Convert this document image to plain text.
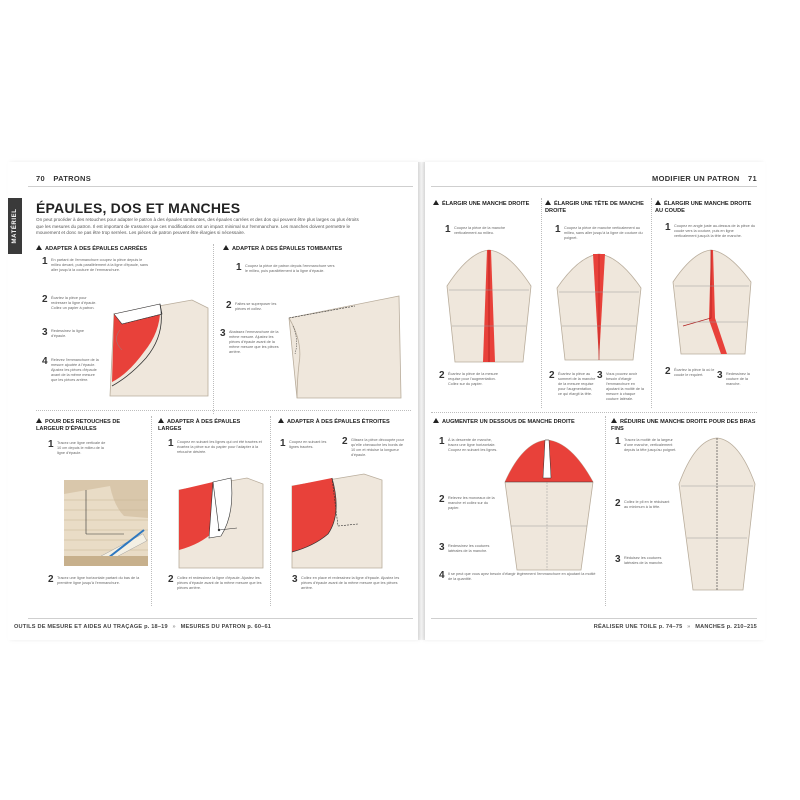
70 PATRONS
MATÉRIEL
ÉPAULES, DOS ET MANCHES
On peut procéder à des retouches pour adapter le patron à des épaules tombantes, des épaules carrées et des dos qui peuvent être plus larges ou plus étroits que les mesures du patron. Il est important de s'assurer que ces modifications ont un impact minimal sur l'emmanchure. Les manches doivent permettre le mouvement et donc ne pas être trop serrées. Les pièces de patron peuvent être élargies si nécessaire.
ADAPTER À DES ÉPAULES CARRÉES
1 En partant de l'emmanchure coupez la pièce depuis le milieu devant, puis parallèlement à la ligne d'épaule, sans aller jusqu'à la couture de l'emmanchure.
2 Écartez la pièce pour redresser la ligne d'épaule. Collez un papier à patron.
3 Redessinez la ligne d'épaule.
4 Relevez l'emmanchure de la mesure ajoutée à l'épaule. Ajustez les pièces d'épaule avant de la même mesure que les pièces arrière.
ADAPTER À DES ÉPAULES TOMBANTES
1 Coupez la pièce de patron depuis l'emmanchure vers le milieu, puis parallèlement à la ligne d'épaule.
2 Faites se superposer les pièces et collez.
3 Abaissez l'emmanchure de la même mesure. Ajustez les pièces d'épaule avant de la même mesure que les pièces arrière.
POUR DES RETOUCHES DE LARGEUR D'ÉPAULES
1 Tracez une ligne verticale de 10 cm depuis le milieu de la ligne d'épaule.
2 Tracez une ligne horizontale partant du bas de la première ligne jusqu'à l'emmanchure.
ADAPTER À DES ÉPAULES LARGES
1 Coupez en suivant les lignes qui ont été tracées et écartez la pièce sur du papier pour l'adapter à la retouche désirée.
2 Collez et redessinez la ligne d'épaule. Ajustez les pièces d'épaule avant de la même mesure que les pièces arrière.
ADAPTER À DES ÉPAULES ÉTROITES
1 Coupez en suivant les lignes tracées.	2 Glissez la pièce découpée pour qu'elle chevauche les bords de 10 cm et réduise la longueur d'épaule.
3 Collez en place et redessinez la ligne d'épaule. Ajustez les pièces d'épaule avant de la même mesure que les pièces arrière.
OUTILS DE MESURE ET AIDES AU TRAÇAGE p. 18–19 » MESURES DU PATRON p. 60–61
MODIFIER UN PATRON 71
ÉLARGIR UNE MANCHE DROITE
1 Coupez la pièce de la manche verticalement au milieu.
2 Écartez la pièce de la mesure requise pour l'augmentation. Collez sur du papier.
ÉLARGIR UNE TÊTE DE MANCHE DROITE
1 Coupez la pièce de manche verticalement au milieu, sans aller jusqu'à la ligne de couture du poignet.
2 Écartez la pièce au sommet de la manche de la mesure requise pour l'augmentation, ce qui élargit la tête.
3 Vous pouvez avoir besoin d'élargir l'emmanchure en ajoutant la moitié de la mesure à chaque couture latérale.
ÉLARGIR UNE MANCHE DROITE AU COUDE
1 Coupez en angle juste au-dessus de la pièce du coude vers la couture, puis en ligne verticalement jusqu'à la tête de manche.
2 Écartez la pièce là où le coude le requiert.	3 Redessinez la couture de la manche.
AUGMENTER UN DESSOUS DE MANCHE DROITE
1 À la descente de manche, tracez une ligne horizontale. Coupez en suivant les lignes.
2 Relevez les morceaux de la manche et collez sur du papier.
3 Redessinez les coutures latérales de la manche.
4 Il se peut que vous ayez besoin d'élargir légèrement l'emmanchure en ajoutant la moitié de la quantité.
RÉDUIRE UNE MANCHE DROITE POUR DES BRAS FINS
1 Tracez la moitié de la largeur d'une manche, verticalement depuis la tête jusqu'au poignet.
2 Collez le pli en le réduisant au minimum à la tête.
3 Réduisez les coutures latérales de la manche.
RÉALISER UNE TOILE p. 74–75 » MANCHES p. 210–215
